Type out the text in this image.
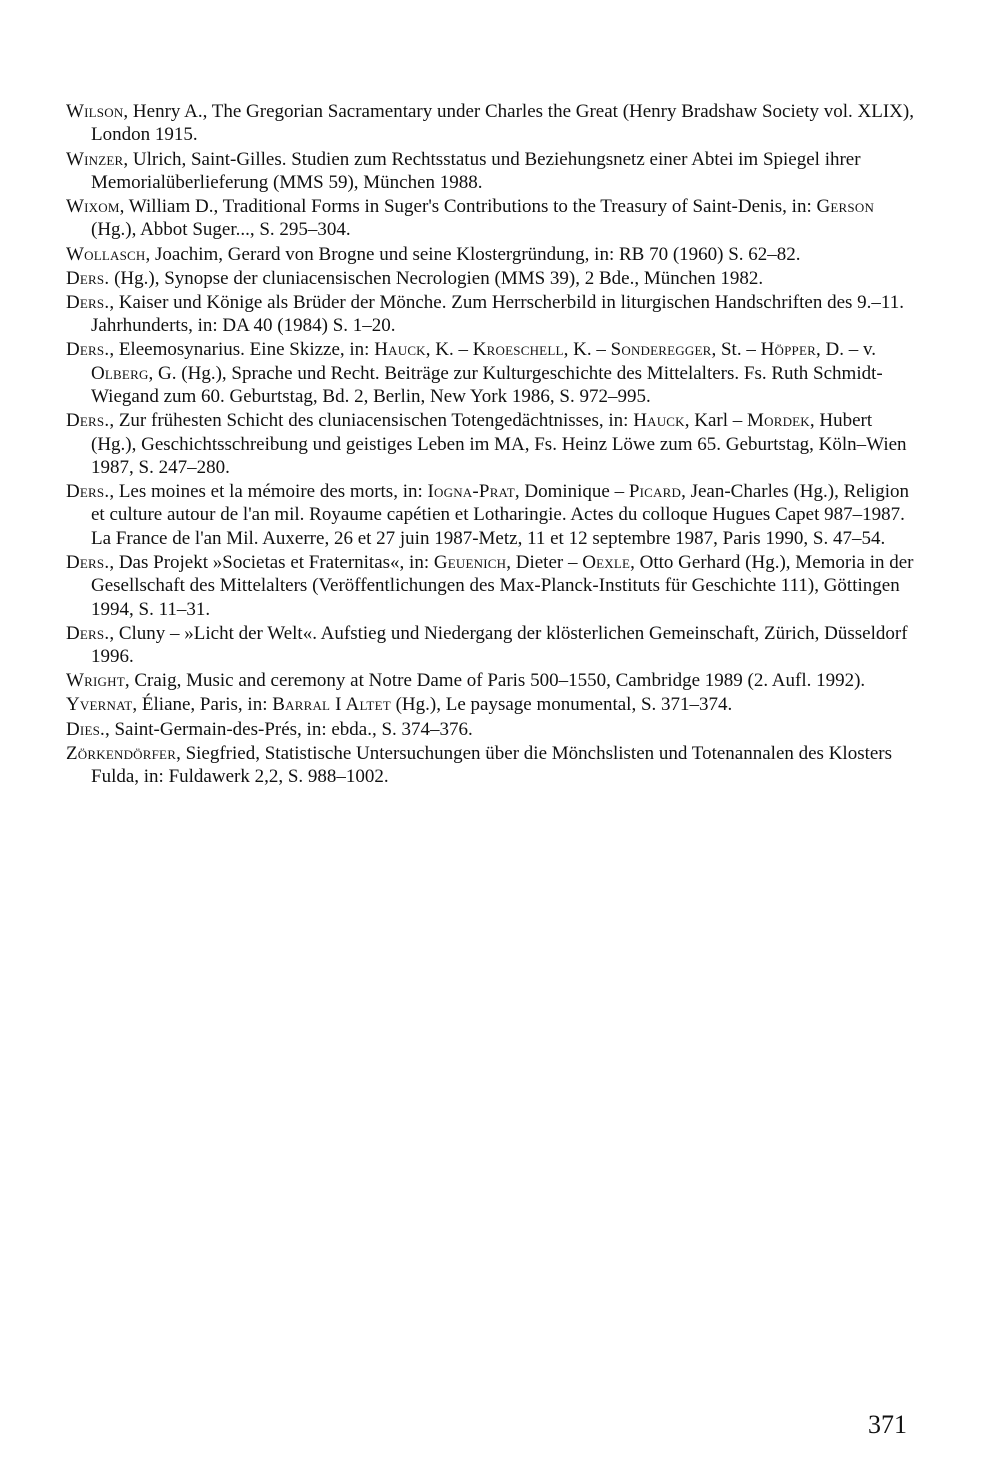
Wilson, Henry A., The Gregorian Sacramentary under Charles the Great (Henry Bradshaw Society vol. XLIX), London 1915.

Winzer, Ulrich, Saint-Gilles. Studien zum Rechtsstatus und Beziehungsnetz einer Abtei im Spiegel ihrer Memorialüberlieferung (MMS 59), München 1988.

Wixom, William D., Traditional Forms in Suger's Contributions to the Treasury of Saint-Denis, in: Gerson (Hg.), Abbot Suger..., S. 295–304.

Wollasch, Joachim, Gerard von Brogne und seine Klostergründung, in: RB 70 (1960) S. 62–82.

Ders. (Hg.), Synopse der cluniacensischen Necrologien (MMS 39), 2 Bde., München 1982.

Ders., Kaiser und Könige als Brüder der Mönche. Zum Herrscherbild in liturgischen Handschriften des 9.–11. Jahrhunderts, in: DA 40 (1984) S. 1–20.

Ders., Eleemosynarius. Eine Skizze, in: Hauck, K. – Kroeschell, K. – Sonderegger, St. – Höpper, D. – v. Olberg, G. (Hg.), Sprache und Recht. Beiträge zur Kulturgeschichte des Mittelalters. Fs. Ruth Schmidt-Wiegand zum 60. Geburtstag, Bd. 2, Berlin, New York 1986, S. 972–995.

Ders., Zur frühesten Schicht des cluniacensischen Totengedächtnisses, in: Hauck, Karl – Mordek, Hubert (Hg.), Geschichtsschreibung und geistiges Leben im MA, Fs. Heinz Löwe zum 65. Geburtstag, Köln–Wien 1987, S. 247–280.

Ders., Les moines et la mémoire des morts, in: Iogna-Prat, Dominique – Picard, Jean-Charles (Hg.), Religion et culture autour de l'an mil. Royaume capétien et Lotharingie. Actes du colloque Hugues Capet 987–1987. La France de l'an Mil. Auxerre, 26 et 27 juin 1987-Metz, 11 et 12 septembre 1987, Paris 1990, S. 47–54.

Ders., Das Projekt »Societas et Fraternitas«, in: Geuenich, Dieter – Oexle, Otto Gerhard (Hg.), Memoria in der Gesellschaft des Mittelalters (Veröffentlichungen des Max-Planck-Instituts für Geschichte 111), Göttingen 1994, S. 11–31.

Ders., Cluny – »Licht der Welt«. Aufstieg und Niedergang der klösterlichen Gemeinschaft, Zürich, Düsseldorf 1996.

Wright, Craig, Music and ceremony at Notre Dame of Paris 500–1550, Cambridge 1989 (2. Aufl. 1992).

Yvernat, Éliane, Paris, in: Barral I Altet (Hg.), Le paysage monumental, S. 371–374.

Dies., Saint-Germain-des-Prés, in: ebda., S. 374–376.

Zörkendörfer, Siegfried, Statistische Untersuchungen über die Mönchslisten und Totenannalen des Klosters Fulda, in: Fuldawerk 2,2, S. 988–1002.

371
